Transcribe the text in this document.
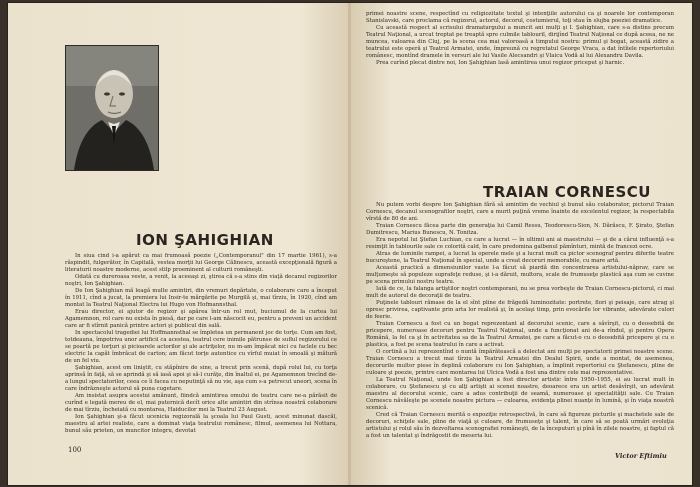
ION ŞAHIGHIAN

In siua cind i-a apărut ca mai frumoasă poezie („Contemporanul" din 17 martie 1961), s-a răspindit, fulgerător, în Capitală, vestea morţii lui George Călinescu, această excepţională figură a literaturii noastre moderne, acest stilp proeminent al culturii româneşti.

Odată cu dureroasa veste, a venit, la aceeaşi zi, ştirea că s-a stins din viaţă decanul regizorilor noştri, Ion Şahighian.

De Ion Şahighian mă leagă multe amintiri, din vremuri depărtate, o colaborare care a început în 1911, cînd a jucat, la premiera lui Insir-te mărgărite pe Murgilă şi, mai tîrziu, în 1920, cînd am montat la Teatrul Naţional Electra lui Hugo von Hofmannsthal.

Erau director, ei ajutor de regizor şi apărea într-un rol mut, buciumul de la curtea lui Agamemnon, rol care nu exista în piesă, dar pe care l-am născocit eu, pentru a preveni un accident care ar fi stîrnit panică printre actori şi publicul din sală.

In spectacolul tragediei lui Hoffmannsthal se împletea un permanent joc de torţe. Cum am fost, totdeauna, împotriva unor artificii ca acestea, teatrul cere inimile pătrunse de suflul regizorului ce se poartă pe torţuri şi picioarele actorilor şi ale actriţelor, nu m-am împăcat nici cu faclele cu bec electric la capăt îmbrăcat de carton; am făcut torţe autentice cu vîrful muiat în smoală şi mătură de un fel viu.

Şahighian, acest om liniştit, cu stăpînire de sine, a trecut prin scenă, după rolul lui, cu torţa aprinsă în faţă, să se aprindă şi să iasă apoi şi să-l curăţe, din înaltul ei, pe Agamemnon trecînd de-a lungul spectatorilor, ceea ce îi facea cu neputinţă să nu vie, aşa cum s-a petrecut uneori, scena în care îndrăzneşte actorul să puna cugetare.

Am insistat asupra acestui amănunt, fiindcă amintirea omului de teatru care ne-a părăsit de curînd e legată mereu de el, mai puternică decît orice alte amintiri din strînsa noastră colaborare de mai tîrziu, încheiată cu montarea, Haiducilor mei la Teatrul 23 August.

Ion Şahighian şi-a făcut ucenicia regizorală la şcoala lui Paul Gusti, acest minunat dascăl, maestru al artei realiste, care a dominat viaţa teatrului românesc, filmul, asemenea lui Nottara, bunul său prieten, un muncitor integru, devotat

100

primei noastre scene, respectînd cu religiozitate textul şi intenţiile autorului ca şi noarele lor contemporan Stanislavski, care proclama că regizorul, actorul, decorul, costumierul, toţi stau în slujba poeziei dramatice.

Cu această respect al scrisului dramaturgului a muncit ani mulţi şi I. Şahighian, care s-a distins precum Teatrul Naţional, a urcat treptat pe treaptă spre culmile tablouril, dirijînd Teatrul Naţional ce după aceea, ne ne muncea, valoarea din Cluj, pe la scena cea mai valoroasă a timpului nostru: primul şi bogat, această zidire a teatrului este operă şi Teatrul Armatei, unde, împreună cu regretatul George Vraca, a dat întîiele repertoriului românesc, montînd dramele în versuri ale lui Vasile Alecsandri şi Vlaicu Vodă al lui Alexandru Davila.

Prea curînd plecat dintre noi, Ion Şahighian lasă amintirea unui regizor priceput şi harnic.

TRAIAN CORNESCU

Nu putem vorbi despre Ion Şahighian fără să amintim de vechiul şi bunul său colaborator, pictorul Traian Cornescu, decanul scenografilor noştri, care a murit puţină vreme înainte de excelentul regizor, la respectabila vîrstă de 80 de ani.

Traian Cornescu făcea parte din generaţia lui Camil Ressu, Teodorescu-Sion, N. Dărăscu, F. Şirato, Ştefan Dumitrescu, Marius Bunescu, N. Tonitza.

Era nepotul lui Ştefan Luchian, cu care a lucrat — în ultimii ani ai maestrului — şi de a cărui influenţă s-a resimţit în tablourile sale ce colorită cald, în care predomina galbenul pămînturi, mintă de francezi ocre.

Atras de luminile rampei, a lucrat la operele mele şi a lucrat mult ca pictor scenograf pentru diferite teatre bucureştene, la Teatrul Naţional în special, unde a creat decoruri memorabile, cu mare artă.

Această practică a dimensiunilor vaste l-a făcut să piardă din concentrarea artistului-năprav, care se mulţumeşte să populeze suprafeţe reduse, şi i-a dăruit, multora, scale de frumuseţe plastică aşa cum se cuvine pe scena primului nostru teatru.

Iată de ce, la falanga artiştilor noştri contemporani, nu se prea vorbeşte de Traian Cornescu-pictorul, ci mai mult de autorul de decoraţii de teatru.

Puţinele tablouri rămase de la el sînt pline de frăgedă luminozitate: portrete, flori şi peisaje, care atrag şi opresc privirea, captivante prin arta lor realistă şi, în acelaşi timp, prin evocările lor vibrante, adevărate culori de feerie.

Traian Cornescu a fost cu un bogat reprezentant al decorului scenic, care a săvîrşit, cu o deosebită de pricepere, numeroase decoruri pentru Teatrul Naţional, unde a funcţionat ani de-a rîndul, şi pentru Opera Română, la fel ca şi în activitatea sa de la Teatrul Armatei, pe care a făcut-o cu o deosebită pricepere şi cu o plastica, a fost pe scena teatrului în care a activat.

O cortină a lui reprezentînd o nuntă împărătească a delectat ani mulţi pe spectatorii primei noastre scene. Traian Cornescu a trecut mai tîrziu la Teatrul Armatei din Dealul Spirii, unde a montat, de asemenea, decorurile multor piese în deplină colaborare cu Ion Şahighian, a împlinit repertoriul cu Ştefanescu, pline de culoare şi poezie, printre care montarea lui Ulcica Vodă a fost una dintre cele mai reprezentative.

La Teatrul Naţional, unde Ion Şahighian a fost director artistic între 1950–1955, ei au lucrat mult în colaborare, cu Ştefanescu şi cu alţi artişti ai scenei noastre, deoarece era un artist desăvîrşit, un adevărat maestru al decorului scenic, care a adus contribuţii de seamă, numeroase şi specialităţii sale. Cu Traian Cornescu năvăleşte pe scenele noastre pictura — culoarea, evidenţa plinei nuanţe în lumină, şi în viaţa noastră scenică.

Cred că Traian Cornescu merită o expoziţie retrospectivă, în care să figureze picturile şi machetele sale de decoruri, schiţele sale, pline de viaţă şi culoare, de frumuseţe şi talent, în care să se poată urmări evoluţia artistului şi rolul său în dezvoltarea scenografiei româneşti, de la începuturi şi pînă în zilele noastre, şi faptul că a fost un talentat şi îndrăgostit de meseria lui.

Victor Eftimiu
